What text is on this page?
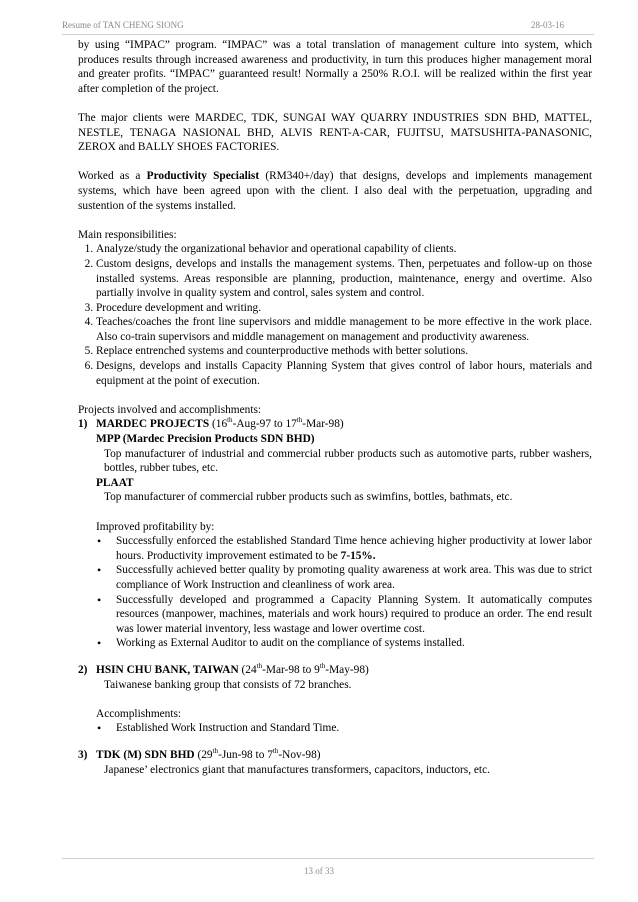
Resume of TAN CHENG SIONG	28-03-16

by using “IMPAC” program. “IMPAC” was a total translation of management culture into system, which produces results through increased awareness and productivity, in turn this produces higher management moral and greater profits. “IMPAC” guaranteed result! Normally a 250% R.O.I. will be realized within the first year after completion of the project.

The major clients were MARDEC, TDK, SUNGAI WAY QUARRY INDUSTRIES SDN BHD, MATTEL, NESTLE, TENAGA NASIONAL BHD, ALVIS RENT-A-CAR, FUJITSU, MATSUSHITA-PANASONIC, ZEROX and BALLY SHOES FACTORIES.

Worked as a Productivity Specialist (RM340+/day) that designs, develops and implements management systems, which have been agreed upon with the client. I also deal with the perpetuation, upgrading and sustention of the systems installed.

Main responsibilities:

1. Analyze/study the organizational behavior and operational capability of clients.
2. Custom designs, develops and installs the management systems. Then, perpetuates and follow-up on those installed systems. Areas responsible are planning, production, maintenance, energy and overtime. Also partially involve in quality system and control, sales system and control.
3. Procedure development and writing.
4. Teaches/coaches the front line supervisors and middle management to be more effective in the work place. Also co-train supervisors and middle management on management and productivity awareness.
5. Replace entrenched systems and counterproductive methods with better solutions.
6. Designs, develops and installs Capacity Planning System that gives control of labor hours, materials and equipment at the point of execution.

Projects involved and accomplishments:

1) MARDEC PROJECTS (16th-Aug-97 to 17th-Mar-98)

MPP (Mardec Precision Products SDN BHD)

Top manufacturer of industrial and commercial rubber products such as automotive parts, rubber washers, bottles, rubber tubes, etc.

PLAAT

Top manufacturer of commercial rubber products such as swimfins, bottles, bathmats, etc.

Improved profitability by:

• Successfully enforced the established Standard Time hence achieving higher productivity at lower labor hours. Productivity improvement estimated to be 7-15%.
• Successfully achieved better quality by promoting quality awareness at work area. This was due to strict compliance of Work Instruction and cleanliness of work area.
• Successfully developed and programmed a Capacity Planning System. It automatically computes resources (manpower, machines, materials and work hours) required to produce an order. The end result was lower material inventory, less wastage and lower overtime cost.
• Working as External Auditor to audit on the compliance of systems installed.

2) HSIN CHU BANK, TAIWAN (24th-Mar-98 to 9th-May-98)

Taiwanese banking group that consists of 72 branches.

Accomplishments:

• Established Work Instruction and Standard Time.

3) TDK (M) SDN BHD (29th-Jun-98 to 7th-Nov-98)

Japanese’ electronics giant that manufactures transformers, capacitors, inductors, etc.

13 of 33
